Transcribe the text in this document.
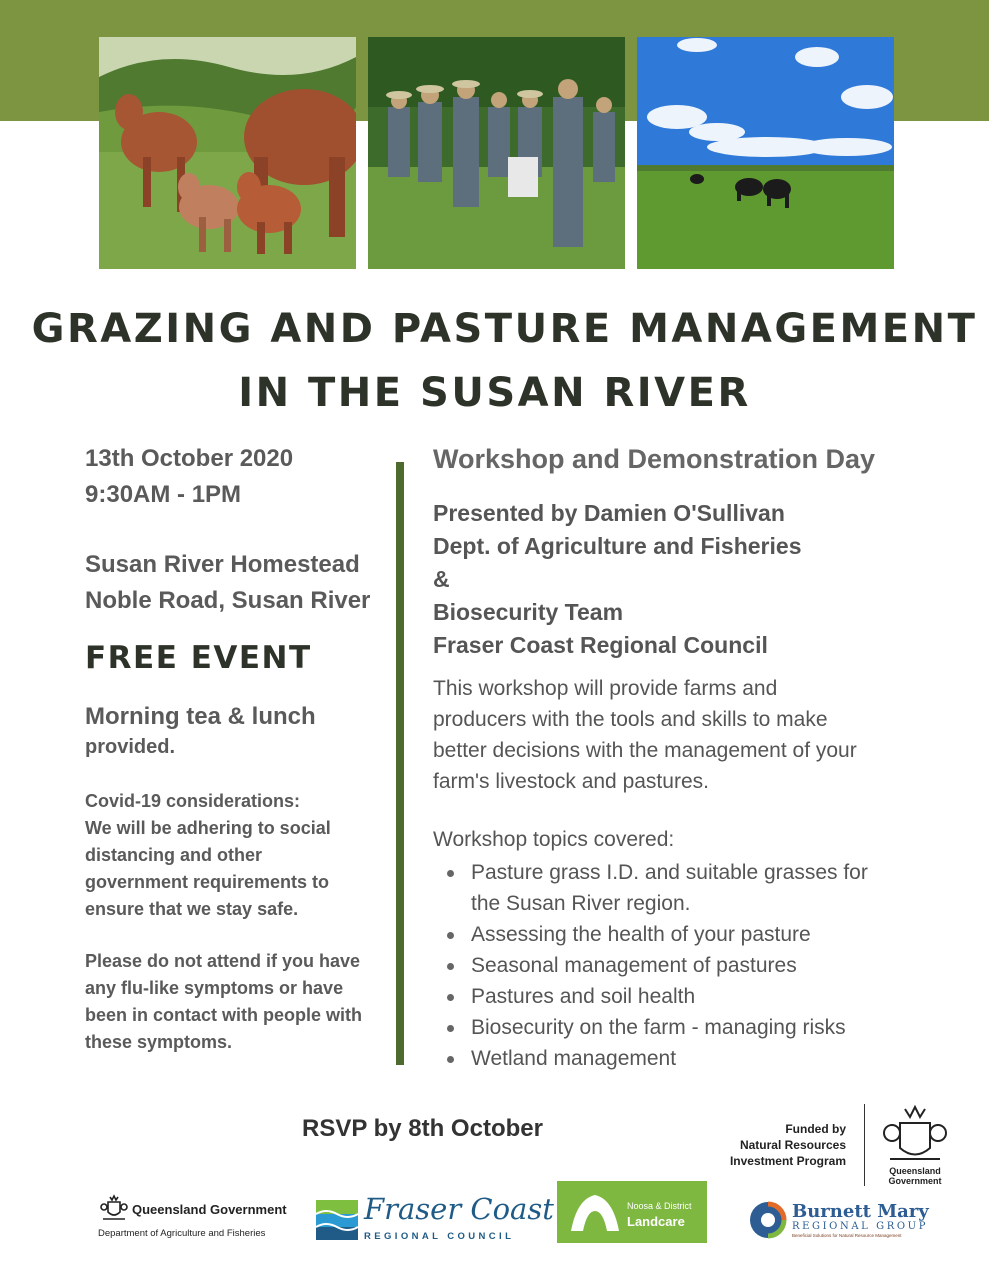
GRAZING AND PASTURE MANAGEMENT
IN THE SUSAN RIVER
13th October 2020
9:30AM - 1PM
Susan River Homestead
Noble Road, Susan River
FREE EVENT
Morning tea & lunch
provided.
Covid-19 considerations:
We will be adhering to social
distancing and other
government requirements to
ensure that we stay safe.
Please do not attend if you have
any flu-like symptoms or have
been in contact with people with
these symptoms.
Workshop and Demonstration Day
Presented by Damien O'Sullivan
Dept. of Agriculture and Fisheries
&
Biosecurity Team
Fraser Coast Regional Council
This workshop will provide farms and
producers with the tools and skills to make
better decisions with the management of your
farm's livestock and pastures.
Workshop topics covered:
Pasture grass I.D. and suitable grasses for
the Susan River region.
Assessing the health of your pasture
Seasonal management of pastures
Pastures and soil health
Biosecurity on the farm - managing risks
Wetland management
RSVP by 8th October	Funded by
Natural Resources
Investment Program
Queensland
Government
Queensland Government
Department of Agriculture and Fisheries
Fraser Coast
REGIONAL COUNCIL
Noosa & District
Landcare	Burnett Mary
REGIONAL GROUP
Beneficial Solutions for Natural Resource Management
